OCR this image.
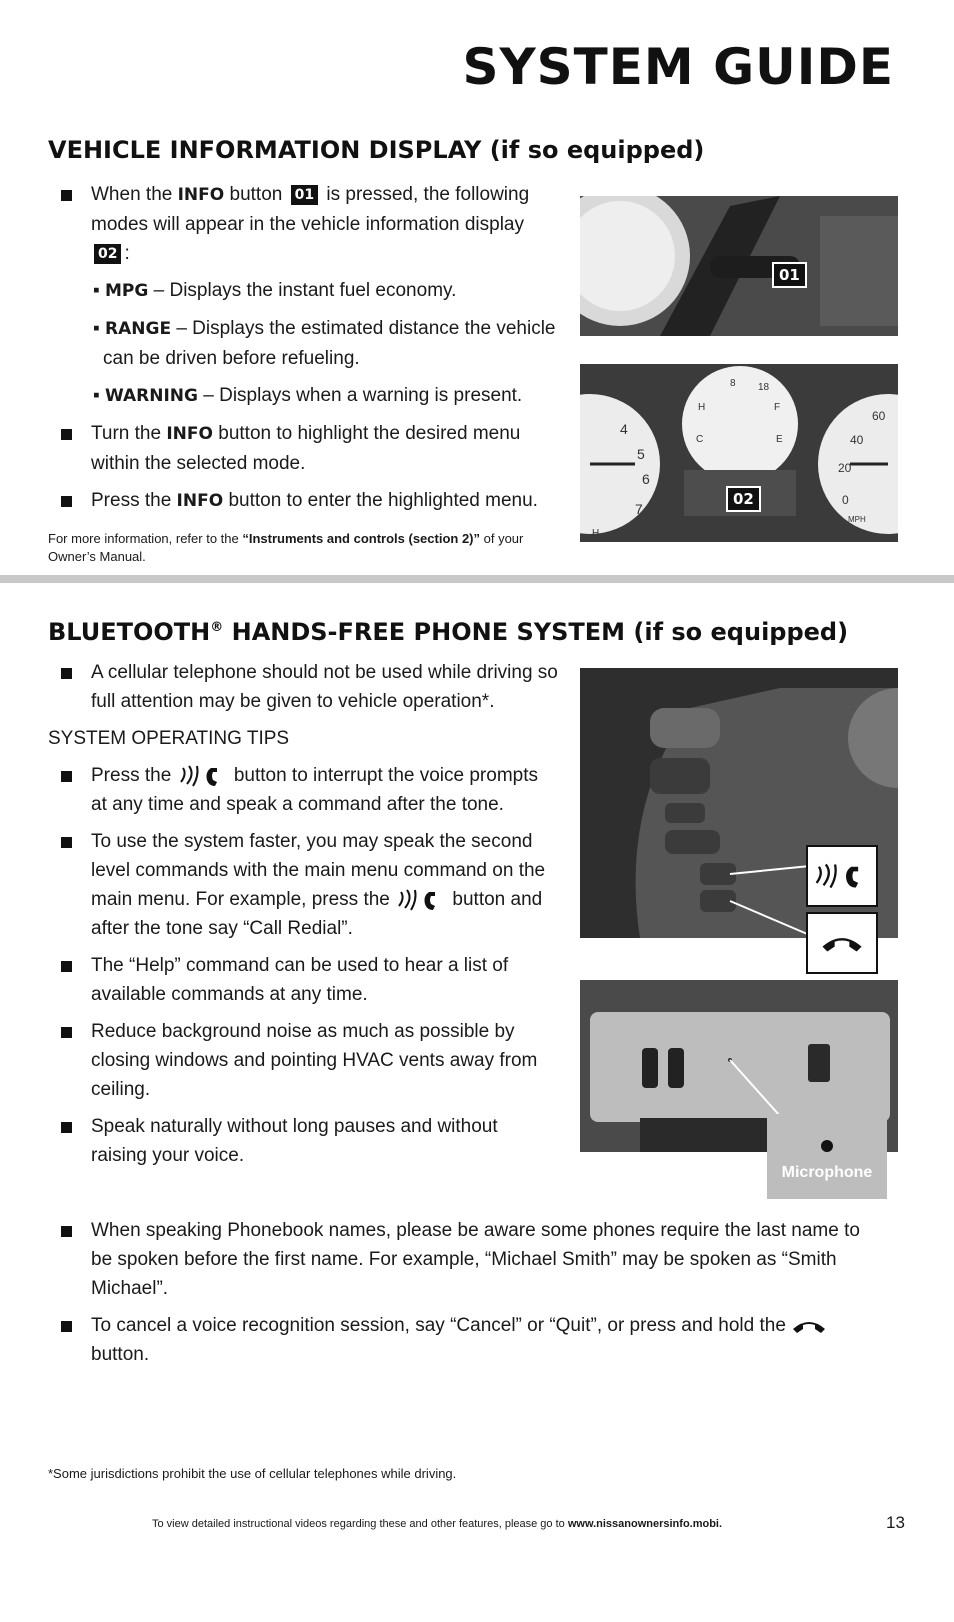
SYSTEM GUIDE
VEHICLE INFORMATION DISPLAY (if so equipped)
When the INFO button 01 is pressed, the following modes will appear in the vehicle information display 02 :
▪ MPG – Displays the instant fuel economy.
▪ RANGE – Displays the estimated distance the vehicle can be driven before refueling.
▪ WARNING – Displays when a warning is present.
Turn the INFO button to highlight the desired menu within the selected mode.
Press the INFO button to enter the highlighted menu.
For more information, refer to the “Instruments and controls (section 2)” of your Owner’s Manual.
01
4
5
6
7
60
40
20
0
MPH
8 18
H	F
C	E
H
02
BLUETOOTH® HANDS-FREE PHONE SYSTEM (if so equipped)
A cellular telephone should not be used while driving so full attention may be given to vehicle operation*.
SYSTEM OPERATING TIPS
Press the	button to interrupt the voice prompts at any time and speak a command after the tone.
To use the system faster, you may speak the second level commands with the main menu command on the main menu. For example, press the	button and after the tone say “Call Redial”.
The “Help” command can be used to hear a list of available commands at any time.
Reduce background noise as much as possible by closing windows and pointing HVAC vents away from ceiling.
Speak naturally without long pauses and without raising your voice.
When speaking Phonebook names, please be aware some phones require the last name to be spoken before the first name. For example, “Michael Smith” may be spoken as “Smith Michael”.
To cancel a voice recognition session, say “Cancel” or “Quit”, or press and hold the  button.
Microphone
*Some jurisdictions prohibit the use of cellular telephones while driving.
To view detailed instructional videos regarding these and other features, please go to www.nissanownersinfo.mobi.	13
